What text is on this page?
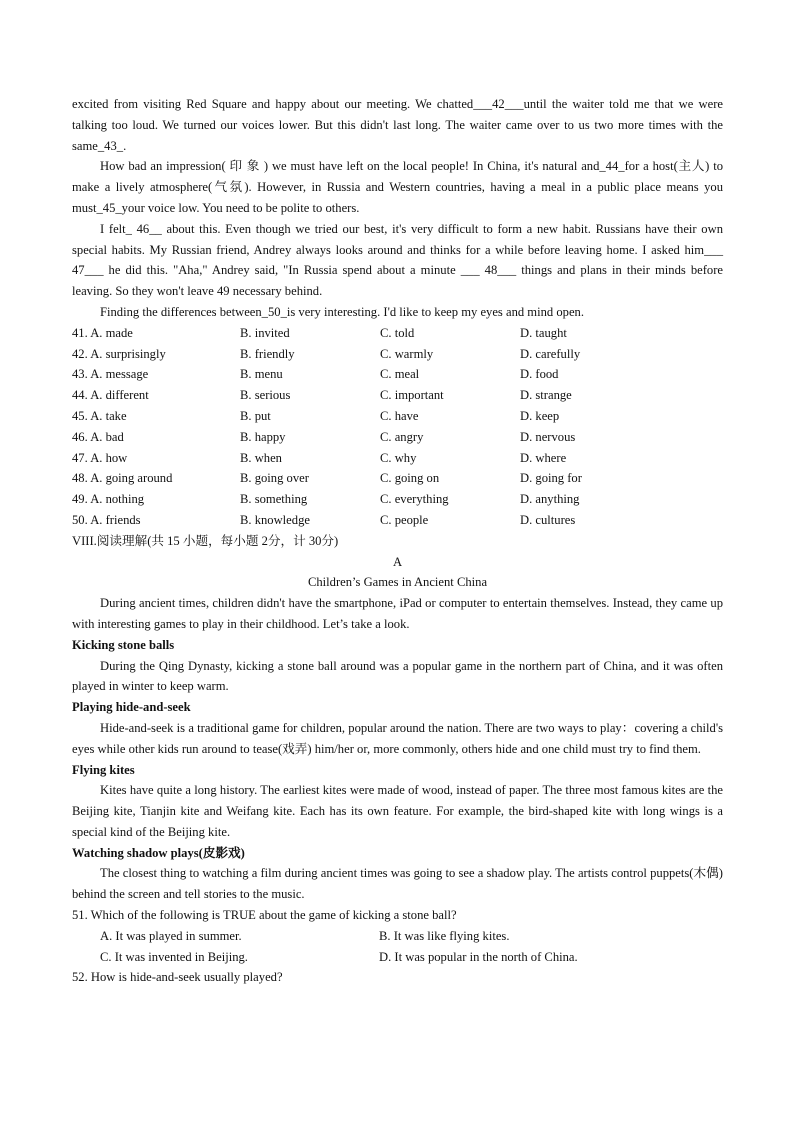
excited from visiting Red Square and happy about our meeting. We chatted___42___until the waiter told me that we were talking too loud. We turned our voices lower. But this didn't last long. The waiter came over to us two more times with the same_43_.

How bad an impression( 印 象 ) we must have left on the local people! In China, it's natural and_44_for a host(主人) to make a lively atmosphere(气氛). However, in Russia and Western countries, having a meal in a public place means you must_45_your voice low. You need to be polite to others.

I felt_ 46__ about this. Even though we tried our best, it's very difficult to form a new habit. Russians have their own special habits. My Russian friend, Andrey always looks around and thinks for a while before leaving home. I asked him___ 47___ he did this. "Aha," Andrey said, "In Russia spend about a minute ___ 48___ things and plans in their minds before leaving. So they won't leave 49 necessary behind.

Finding the differences between_50_is very interesting. I'd like to keep my eyes and mind open.

41. A. made	B. invited	C. told	D. taught
42. A. surprisingly	B. friendly	C. warmly	D. carefully
43. A. message	B. menu	C. meal	D. food
44. A. different	B. serious	C. important	D. strange
45. A. take	B. put	C. have	D. keep
46. A. bad	B. happy	C. angry	D. nervous
47. A. how	B. when	C. why	D. where
48. A. going around	B. going over	C. going on	D. going for
49. A. nothing	B. something	C. everything	D. anything
50. A. friends	B. knowledge	C. people	D. cultures

VIII.阅读理解(共 15 小题，每小题 2分，计 30分)

A

Children’s Games in Ancient China

During ancient times, children didn't have the smartphone, iPad or computer to entertain themselves. Instead, they came up with interesting games to play in their childhood. Let’s take a look.

Kicking stone balls

During the Qing Dynasty, kicking a stone ball around was a popular game in the northern part of China, and it was often played in winter to keep warm.

Playing hide-and-seek

Hide-and-seek is a traditional game for children, popular around the nation. There are two ways to play：covering a child's eyes while other kids run around to tease(戏弄) him/her or, more commonly, others hide and one child must try to find them.

Flying kites

Kites have quite a long history. The earliest kites were made of wood, instead of paper. The three most famous kites are the Beijing kite, Tianjin kite and Weifang kite. Each has its own feature. For example, the bird-shaped kite with long wings is a special kind of the Beijing kite.

Watching shadow plays(皮影戏)

The closest thing to watching a film during ancient times was going to see a shadow play. The artists control puppets(木偶) behind the screen and tell stories to the music.

51. Which of the following is TRUE about the game of kicking a stone ball?

A. It was played in summer.	B. It was like flying kites.
C. It was invented in Beijing.	D. It was popular in the north of China.

52. How is hide-and-seek usually played?
